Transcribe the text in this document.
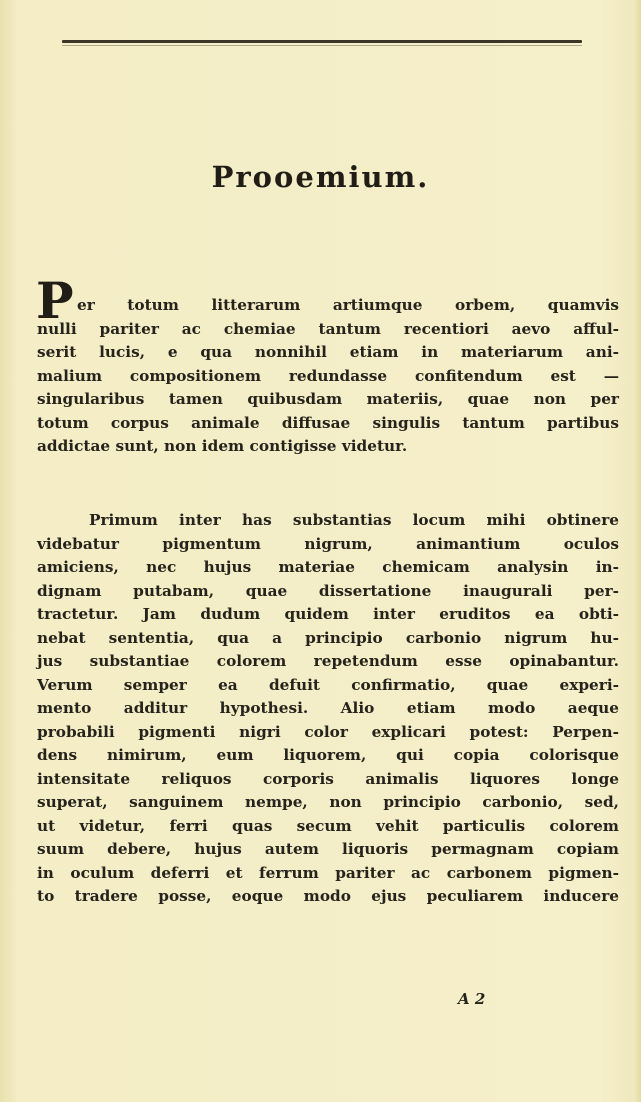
Prooemium.
P er totum litterarum artiumque orbem, quamvis
nulli pariter ac chemiae tantum recentiori aevo afful-
serit lucis, e qua nonnihil etiam in materiarum ani-
malium compositionem redundasse confitendum est —
singularibus tamen quibusdam materiis, quae non per
totum corpus animale diffusae singulis tantum partibus
addictae sunt, non idem contigisse videtur.
Primum inter has substantias locum mihi obtinere
videbatur pigmentum nigrum, animantium oculos
amiciens, nec hujus materiae chemicam analysin in-
dignam putabam, quae dissertatione inaugurali per-
tractetur. Jam dudum quidem inter eruditos ea obti-
nebat sententia, qua a principio carbonio nigrum hu-
jus substantiae colorem repetendum esse opinabantur.
Verum semper ea defuit confirmatio, quae experi-
mento additur hypothesi. Alio etiam modo aeque
probabili pigmenti nigri color explicari potest: Perpen-
dens nimirum, eum liquorem, qui copia colorisque
intensitate reliquos corporis animalis liquores longe
superat, sanguinem nempe, non principio carbonio, sed,
ut videtur, ferri quas secum vehit particulis colorem
suum debere, hujus autem liquoris permagnam copiam
in oculum deferri et ferrum pariter ac carbonem pigmen-
to tradere posse, eoque modo ejus peculiarem inducere
A 2
